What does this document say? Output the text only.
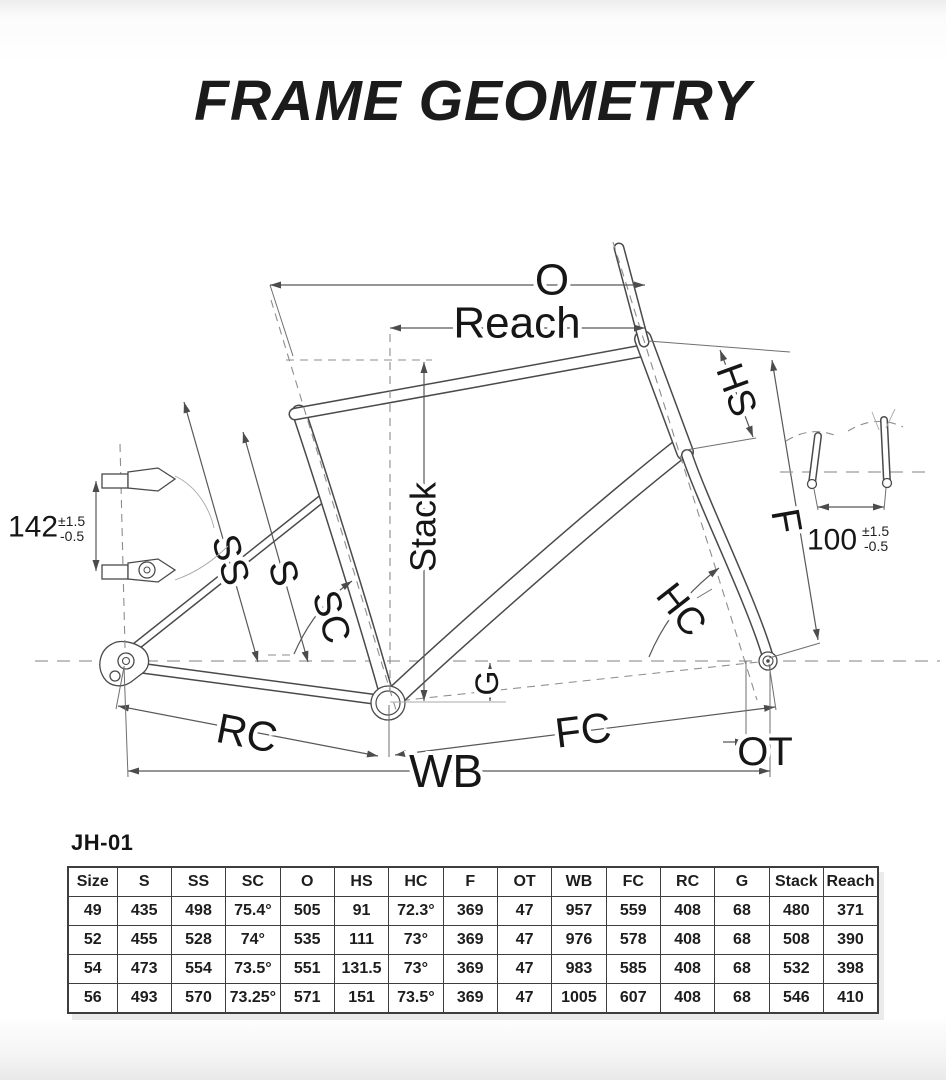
FRAME GEOMETRY
O
Reach
Stack
SS S
SC
HS
F
HC
G
RC	FC	OT
WB
142 ±1.5
-0.5	100 ±1.5
-0.5
JH-01
Size	S	SS	SC	O	HS	HC	F	OT	WB	FC	RC	G	Stack	Reach
49	435	498	75.4°	505	91	72.3°	369	47	957	559	408	68	480	371
52	455	528	74°	535	111	73°	369	47	976	578	408	68	508	390
54	473	554	73.5°	551	131.5	73°	369	47	983	585	408	68	532	398
56	493	570	73.25°	571	151	73.5°	369	47	1005	607	408	68	546	410
